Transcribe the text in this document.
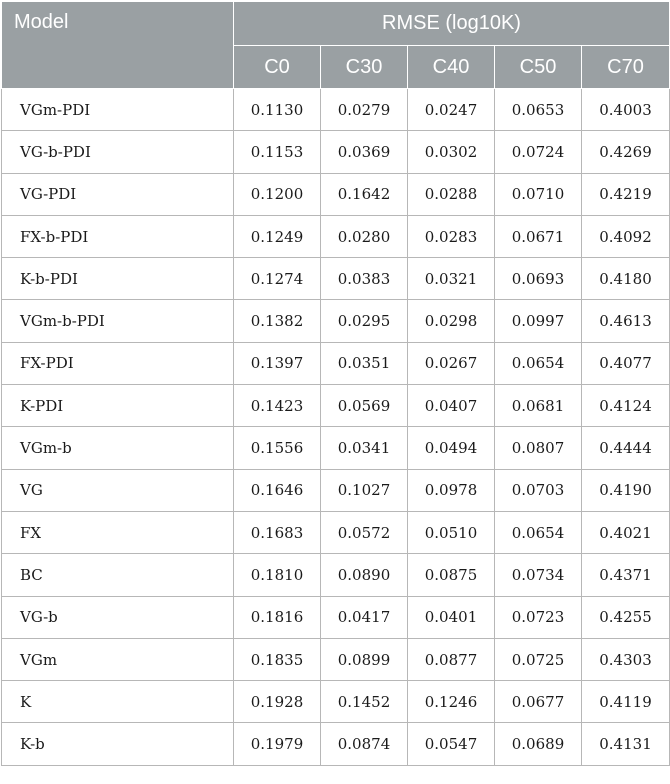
Model	RMSE (log10K)				
	C0	C30	C40	C50	C70
VGm-PDI	0.1130	0.0279	0.0247	0.0653	0.4003
VG-b-PDI	0.1153	0.0369	0.0302	0.0724	0.4269
VG-PDI	0.1200	0.1642	0.0288	0.0710	0.4219
FX-b-PDI	0.1249	0.0280	0.0283	0.0671	0.4092
K-b-PDI	0.1274	0.0383	0.0321	0.0693	0.4180
VGm-b-PDI	0.1382	0.0295	0.0298	0.0997	0.4613
FX-PDI	0.1397	0.0351	0.0267	0.0654	0.4077
K-PDI	0.1423	0.0569	0.0407	0.0681	0.4124
VGm-b	0.1556	0.0341	0.0494	0.0807	0.4444
VG	0.1646	0.1027	0.0978	0.0703	0.4190
FX	0.1683	0.0572	0.0510	0.0654	0.4021
BC	0.1810	0.0890	0.0875	0.0734	0.4371
VG-b	0.1816	0.0417	0.0401	0.0723	0.4255
VGm	0.1835	0.0899	0.0877	0.0725	0.4303
K	0.1928	0.1452	0.1246	0.0677	0.4119
K-b	0.1979	0.0874	0.0547	0.0689	0.4131
